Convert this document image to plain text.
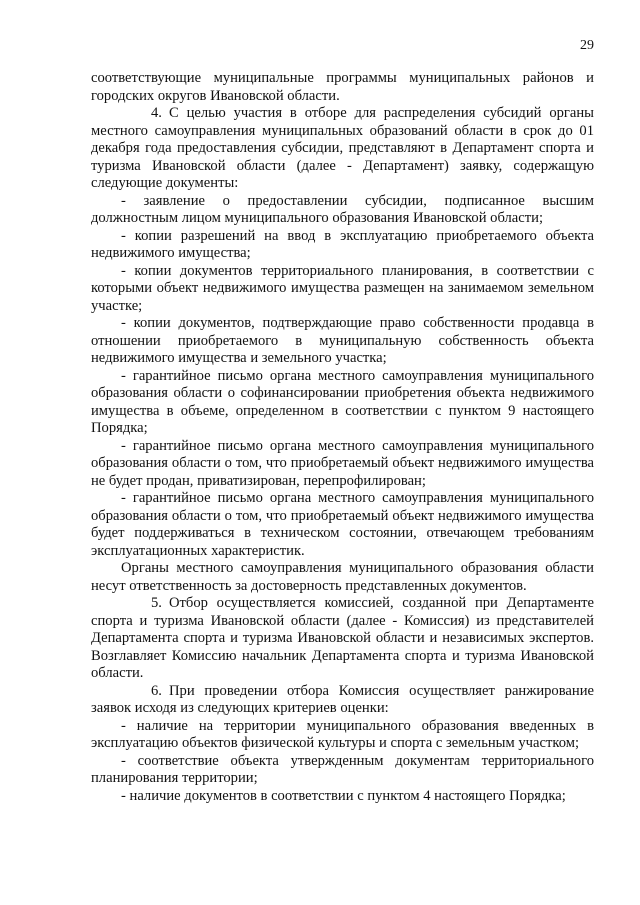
29

соответствующие муниципальные программы муниципальных районов и городских округов Ивановской области.

4. С целью участия в отборе для распределения субсидий органы местного самоуправления муниципальных образований области в срок до 01 декабря года предоставления субсидии, представляют в Департамент спорта и туризма Ивановской области (далее - Департамент) заявку, содержащую следующие документы:

- заявление о предоставлении субсидии, подписанное высшим должностным лицом муниципального образования Ивановской области;

- копии разрешений на ввод в эксплуатацию приобретаемого объекта недвижимого имущества;

- копии документов территориального планирования, в соответствии с которыми объект недвижимого имущества размещен на занимаемом земельном участке;

- копии документов, подтверждающие право собственности продавца в отношении приобретаемого в муниципальную собственность объекта недвижимого имущества и земельного участка;

- гарантийное письмо органа местного самоуправления муниципального образования области о софинансировании приобретения объекта недвижимого имущества в объеме, определенном в соответствии с пунктом 9 настоящего Порядка;

- гарантийное письмо органа местного самоуправления муниципального образования области о том, что приобретаемый объект недвижимого имущества не будет продан, приватизирован, перепрофилирован;

- гарантийное письмо органа местного самоуправления муниципального образования области о том, что приобретаемый объект недвижимого имущества будет поддерживаться в техническом состоянии, отвечающем требованиям эксплуатационных характеристик.

Органы местного самоуправления муниципального образования области несут ответственность за достоверность представленных документов.

5. Отбор осуществляется комиссией, созданной при Департаменте спорта и туризма Ивановской области (далее - Комиссия) из представителей Департамента спорта и туризма Ивановской области и независимых экспертов. Возглавляет Комиссию начальник Департамента спорта и туризма Ивановской области.

6. При проведении отбора Комиссия осуществляет ранжирование заявок исходя из следующих критериев оценки:

- наличие на территории муниципального образования введенных в эксплуатацию объектов физической культуры и спорта с земельным участком;

- соответствие объекта утвержденным документам территориального планирования территории;

- наличие документов в соответствии с пунктом 4 настоящего Порядка;
